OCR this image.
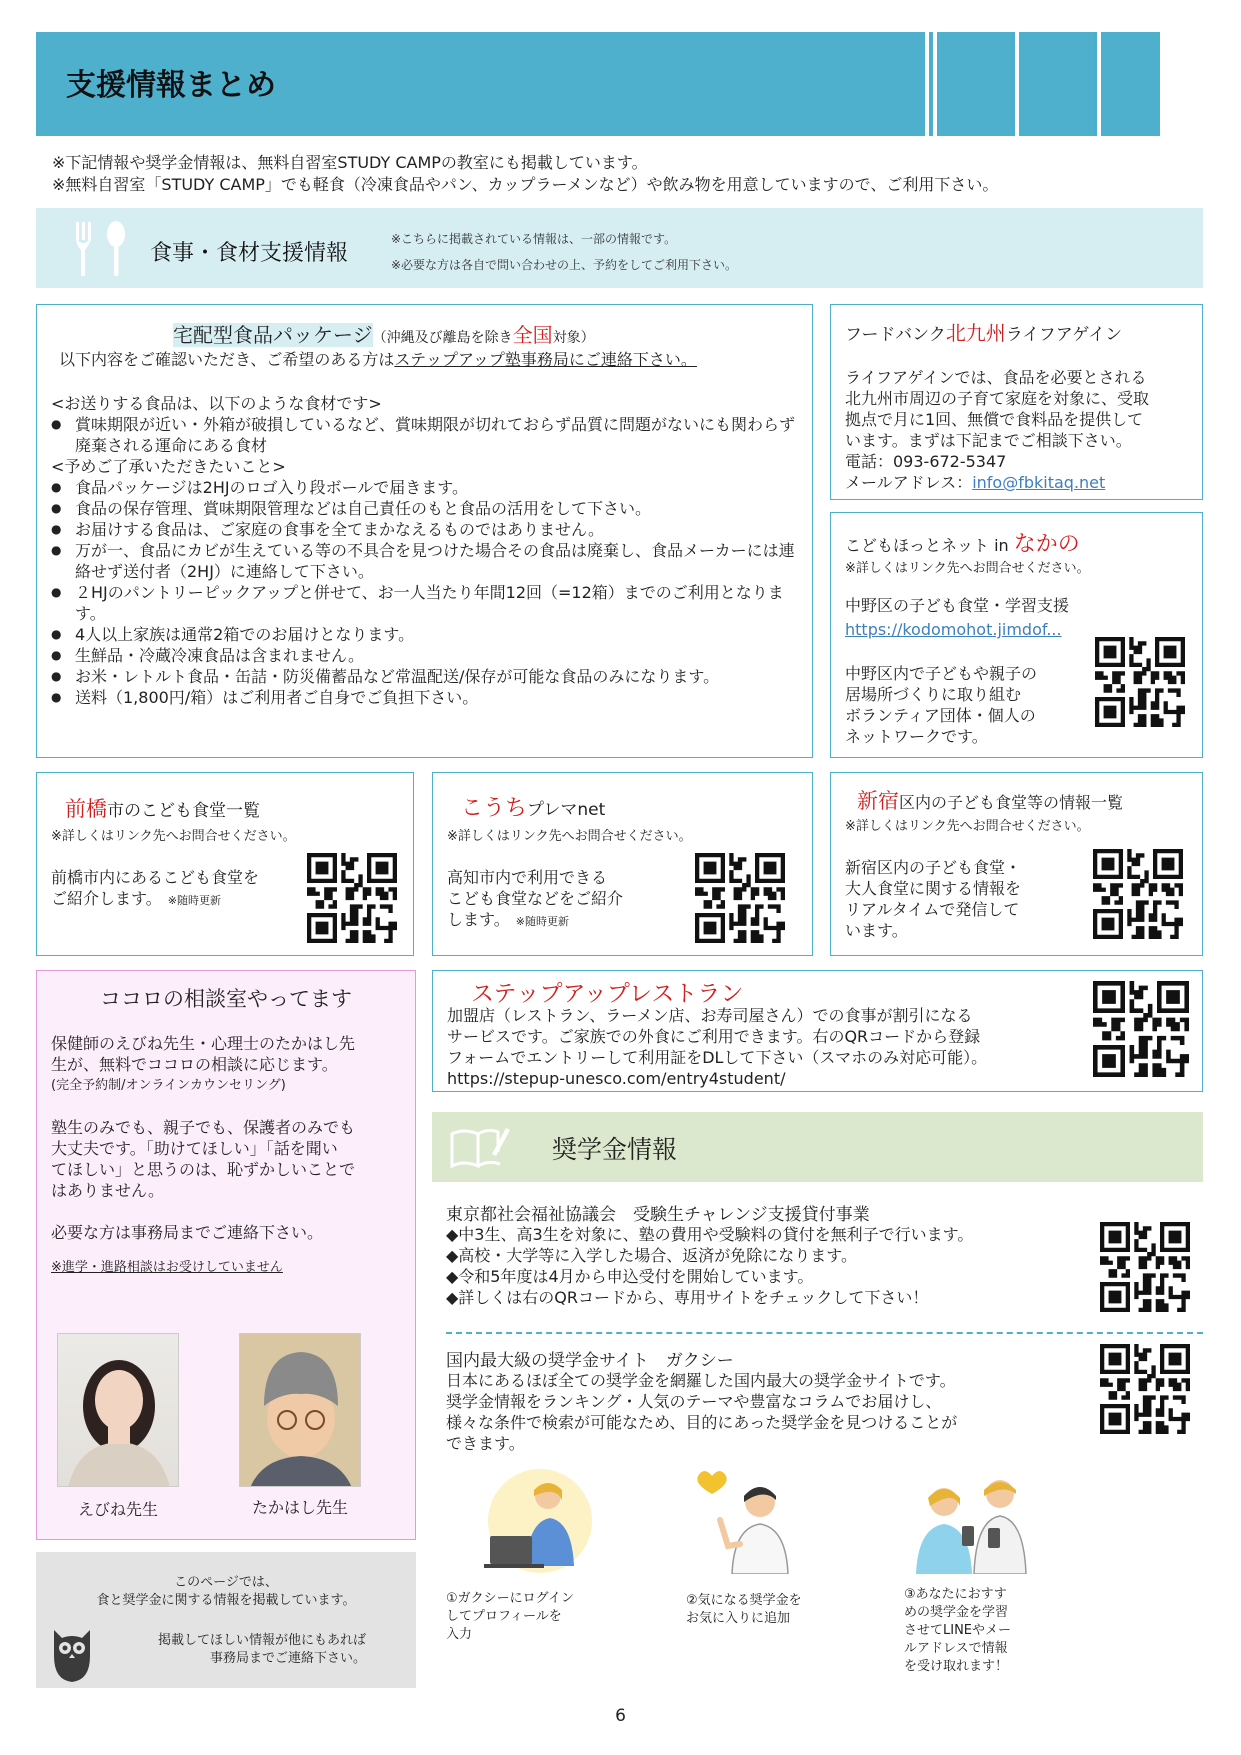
支援情報まとめ
※下記情報や奨学金情報は、無料自習室STUDY CAMPの教室にも掲載しています。
※無料自習室「STUDY CAMP」でも軽食（冷凍食品やパン、カップラーメンなど）や飲み物を用意していますので、ご利用下さい。
食事・食材支援情報
※こちらに掲載されている情報は、一部の情報です。
※必要な方は各自で問い合わせの上、予約をしてご利用下さい。
宅配型食品パッケージ（沖縄及び離島を除き全国対象）
以下内容をご確認いただき、ご希望のある方はステップアップ塾事務局にご連絡下さい。
<お送りする食品は、以下のような食材です>
● 賞味期限が近い・外箱が破損しているなど、賞味期限が切れておらず品質に問題がないにも関わらず廃棄される運命にある食材
<予めご了承いただきたいこと>
● 食品パッケージは2HJのロゴ入り段ボールで届きます。
● 食品の保存管理、賞味期限管理などは自己責任のもと食品の活用をして下さい。
● お届けする食品は、ご家庭の食事を全てまかなえるものではありません。
● 万が一、食品にカビが生えている等の不具合を見つけた場合その食品は廃棄し、食品メーカーには連絡せず送付者（2HJ）に連絡して下さい。
● ２HJのパントリーピックアップと併せて、お一人当たり年間12回（=12箱）までのご利用となります。
● 4人以上家族は通常2箱でのお届けとなります。
● 生鮮品・冷蔵冷凍食品は含まれません。
● お米・レトルト食品・缶詰・防災備蓄品など常温配送/保存が可能な食品のみになります。
● 送料（1,800円/箱）はご利用者ご自身でご負担下さい。
フードバンク北九州ライフアゲイン
ライフアゲインでは、食品を必要とされる
北九州市周辺の子育て家庭を対象に、受取
拠点で月に1回、無償で食料品を提供して
います。まずは下記までご相談下さい。
電話：093-672-5347
メールアドレス：info@fbkitaq.net
こどもほっとネット in なかの
※詳しくはリンク先へお問合せください。
中野区の子ども食堂・学習支援
https://kodomohot.jimdof...
中野区内で子どもや親子の
居場所づくりに取り組む
ボランティア団体・個人の
ネットワークです。
前橋市のこども食堂一覧
※詳しくはリンク先へお問合せください。
前橋市内にあるこども食堂を
ご紹介します。 ※随時更新
こうちプレマnet
※詳しくはリンク先へお問合せください。
高知市内で利用できる
こども食堂などをご紹介
します。 ※随時更新
新宿区内の子ども食堂等の情報一覧
※詳しくはリンク先へお問合せください。
新宿区内の子ども食堂・
大人食堂に関する情報を
リアルタイムで発信して
います。
ココロの相談室やってます
保健師のえびね先生・心理士のたかはし先
生が、無料でココロの相談に応じます。
(完全予約制/オンラインカウンセリング)
塾生のみでも、親子でも、保護者のみでも
大丈夫です。「助けてほしい」「話を聞い
てほしい」と思うのは、恥ずかしいことで
はありません。
必要な方は事務局までご連絡下さい。
※進学・進路相談はお受けしていません
えびね先生	たかはし先生
ステップアップレストラン
加盟店（レストラン、ラーメン店、お寿司屋さん）での食事が割引になる
サービスです。ご家族での外食にご利用できます。右のQRコードから登録
フォームでエントリーして利用証をDLして下さい（スマホのみ対応可能）。
https://stepup-unesco.com/entry4student/
奨学金情報
東京都社会福祉協議会　受験生チャレンジ支援貸付事業
◆中3生、高3生を対象に、塾の費用や受験料の貸付を無利子で行います。
◆高校・大学等に入学した場合、返済が免除になります。
◆令和5年度は4月から申込受付を開始しています。
◆詳しくは右のQRコードから、専用サイトをチェックして下さい！
国内最大級の奨学金サイト　ガクシー
日本にあるほぼ全ての奨学金を網羅した国内最大の奨学金サイトです。
奨学金情報をランキング・人気のテーマや豊富なコラムでお届けし、
様々な条件で検索が可能なため、目的にあった奨学金を見つけることが
できます。
①ガクシーにログイン
してプロフィールを
入力
②気になる奨学金を
お気に入りに追加
③あなたにおすす
めの奨学金を学習
させてLINEやメー
ルアドレスで情報
を受け取れます！
このページでは、
食と奨学金に関する情報を掲載しています。
掲載してほしい情報が他にもあれば
事務局までご連絡下さい。
6
